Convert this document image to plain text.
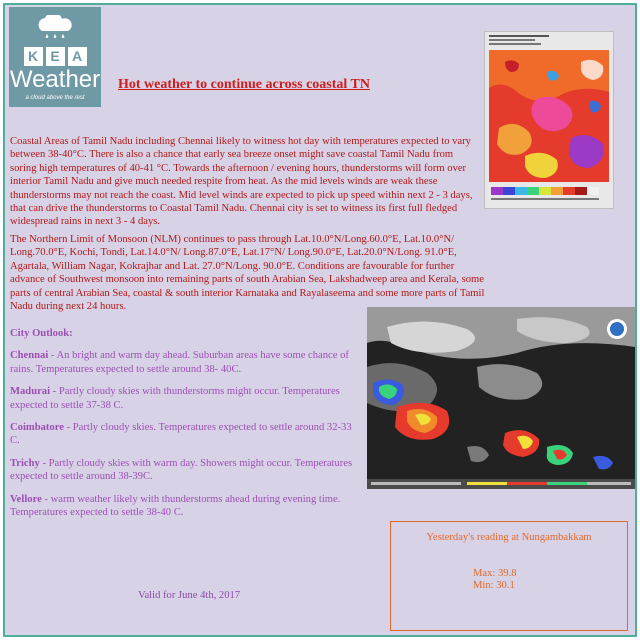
K E A
Weather
a cloud above the rest
Hot weather to continue across coastal TN

Coastal Areas of Tamil Nadu including Chennai likely to witness hot day with temperatures expected to vary between 38-40°C. There is also a chance that early sea breeze onset might save coastal Tamil Nadu from soring high temperatures of 40-41 °C. Towards the afternoon / evening hours, thunderstorms will form over interior Tamil Nadu and give much needed respite from heat. As the mid levels winds are weak these thunderstorms may not reach the coast. Mid level winds are expected to pick up speed within next 2 - 3 days, that can drive the thunderstorms to Coastal Tamil Nadu. Chennai city is set to witness its first full fledged widespread rains in next 3 - 4 days.

The Northern Limit of Monsoon (NLM) continues to pass through Lat.10.0°N/Long.60.0°E, Lat.10.0°N/ Long.70.0°E, Kochi, Tondi, Lat.14.0°N/ Long.87.0°E, Lat.17°N/ Long.90.0°E, Lat.20.0°N/Long. 91.0°E, Agartala, William Nagar, Kokrajhar and Lat. 27.0°N/Long. 90.0°E. Conditions are favourable for further advance of Southwest monsoon into remaining parts of south Arabian Sea, Lakshadweep area and Kerala, some parts of central Arabian Sea, coastal & south interior Karnataka and Rayalaseema and some more parts of Tamil Nadu during next 24 hours.

City Outlook:

Chennai - An bright and warm day ahead. Suburban areas have some chance of rains. Temperatures expected to settle around 38- 40C.

Madurai - Partly cloudy skies with thunderstorms might occur. Temperatures expected to settle 37-38 C.

Coimbatore - Partly cloudy skies. Temperatures expected to settle around 32-33 C.

Trichy - Partly cloudy skies with warm day. Showers might occur. Temperatures expected to settle around 38-39C.

Vellore - warm weather likely with thunderstorms ahead during evening time. Temperatures expected to settle 38-40 C.

Valid for June 4th, 2017
Yesterday's reading at Nungambakkam
Max: 39.8
Min: 30.1
